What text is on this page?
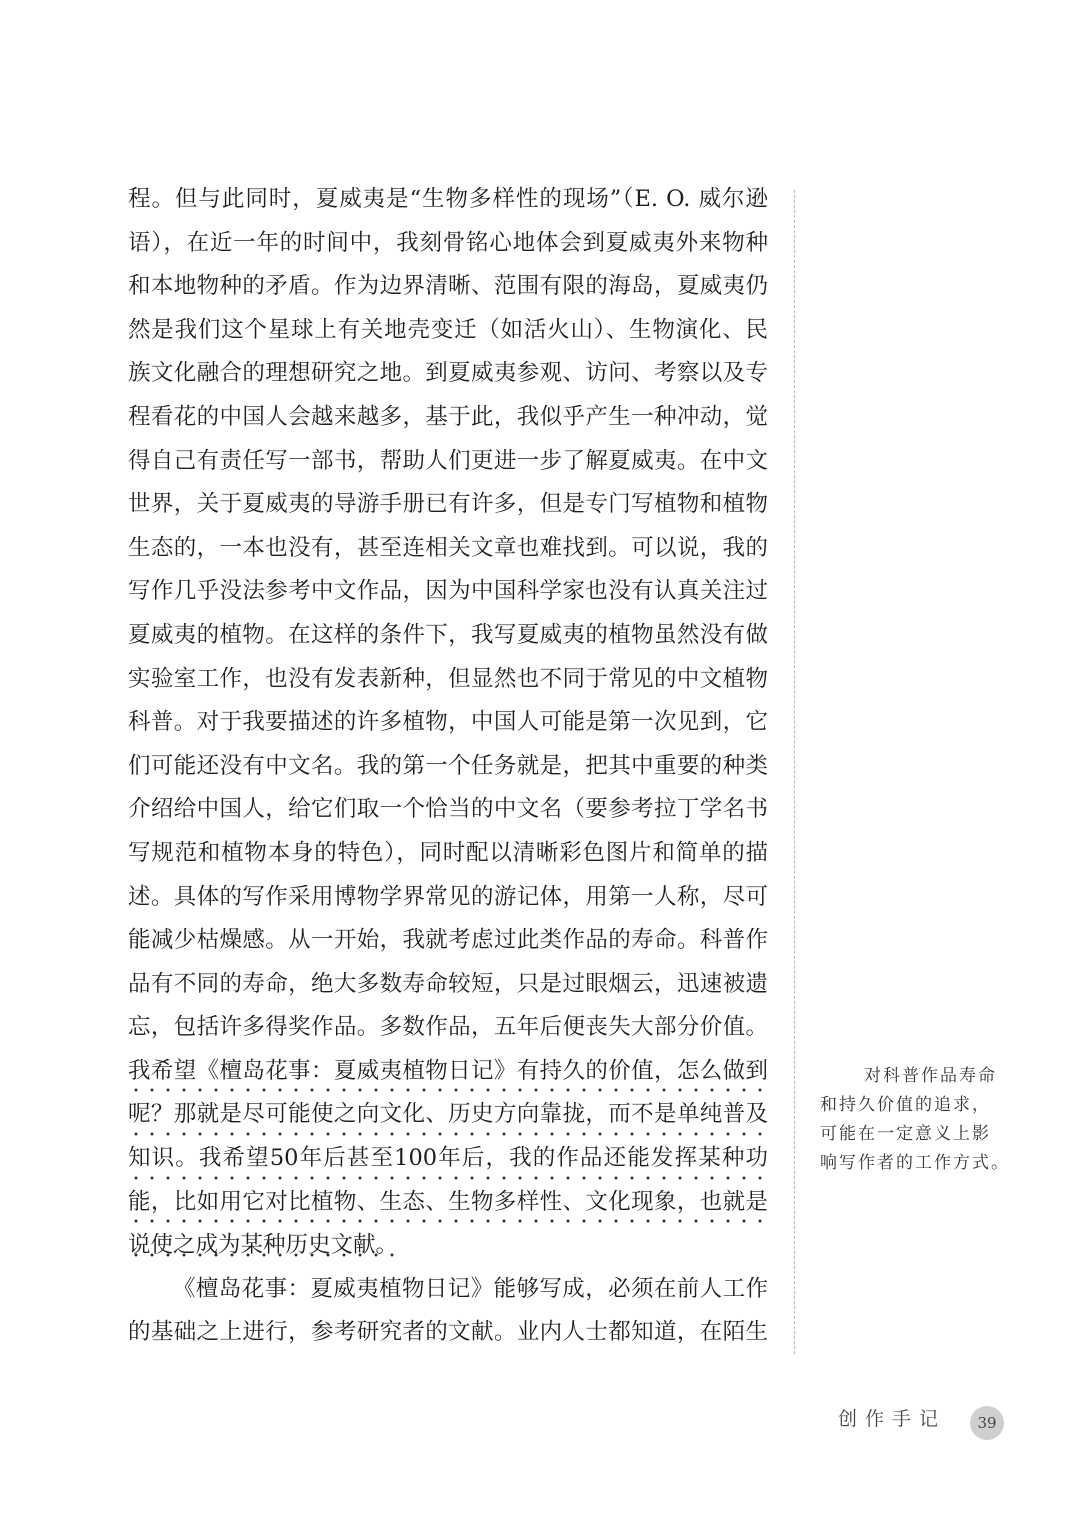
程。但与此同时，夏威夷是“生物多样性的现场”（E. O. 威尔逊
语），在近一年的时间中，我刻骨铭心地体会到夏威夷外来物种
和本地物种的矛盾。作为边界清晰、范围有限的海岛，夏威夷仍
然是我们这个星球上有关地壳变迁（如活火山）、生物演化、民
族文化融合的理想研究之地。到夏威夷参观、访问、考察以及专
程看花的中国人会越来越多，基于此，我似乎产生一种冲动，觉
得自己有责任写一部书，帮助人们更进一步了解夏威夷。在中文
世界，关于夏威夷的导游手册已有许多，但是专门写植物和植物
生态的，一本也没有，甚至连相关文章也难找到。可以说，我的
写作几乎没法参考中文作品，因为中国科学家也没有认真关注过
夏威夷的植物。在这样的条件下，我写夏威夷的植物虽然没有做
实验室工作，也没有发表新种，但显然也不同于常见的中文植物
科普。对于我要描述的许多植物，中国人可能是第一次见到，它
们可能还没有中文名。我的第一个任务就是，把其中重要的种类
介绍给中国人，给它们取一个恰当的中文名（要参考拉丁学名书
写规范和植物本身的特色），同时配以清晰彩色图片和简单的描
述。具体的写作采用博物学界常见的游记体，用第一人称，尽可
能减少枯燥感。从一开始，我就考虑过此类作品的寿命。科普作
品有不同的寿命，绝大多数寿命较短，只是过眼烟云，迅速被遗
忘，包括许多得奖作品。多数作品，五年后便丧失大部分价值。
我希望《檀岛花事：夏威夷植物日记》有持久的价值，怎么做到
呢？那就是尽可能使之向文化、历史方向靠拢，而不是单纯普及
知识。我希望50年后甚至100年后，我的作品还能发挥某种功
能，比如用它对比植物、生态、生物多样性、文化现象，也就是
说使之成为某种历史文献。
《檀岛花事：夏威夷植物日记》能够写成，必须在前人工作
的基础之上进行，参考研究者的文献。业内人士都知道，在陌生
对科普作品寿命
和持久价值的追求，
可能在一定意义上影
响写作者的工作方式。
创作手记	39
